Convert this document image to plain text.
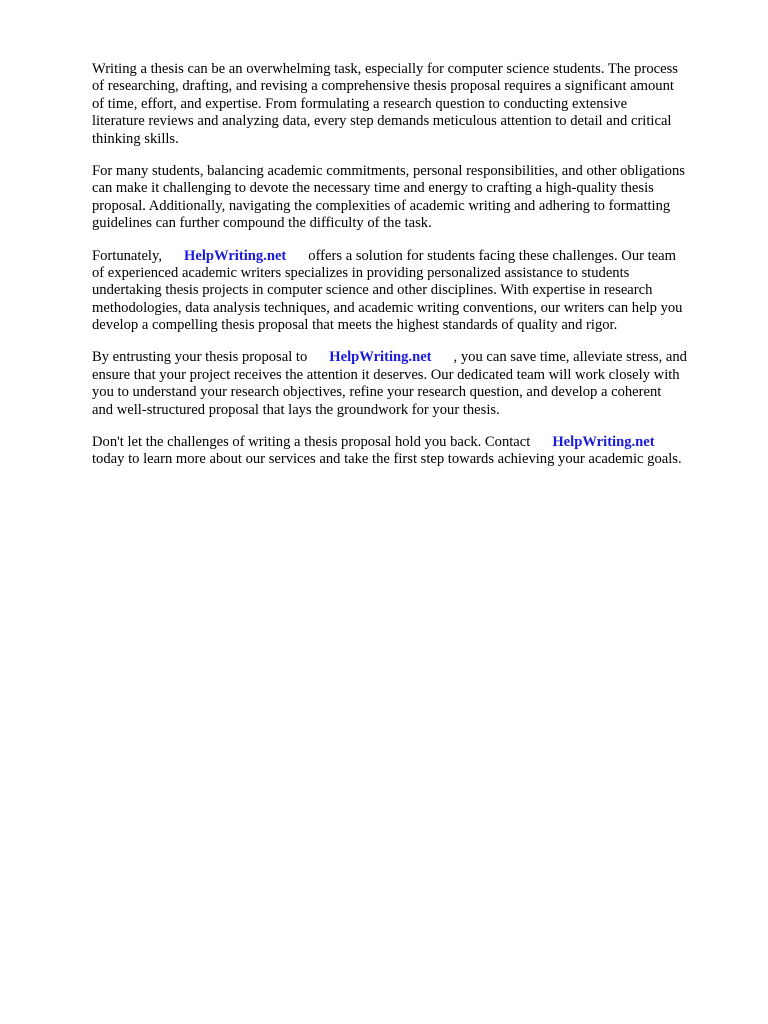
Writing a thesis can be an overwhelming task, especially for computer science students. The process
of researching, drafting, and revising a comprehensive thesis proposal requires a significant amount
of time, effort, and expertise. From formulating a research question to conducting extensive
literature reviews and analyzing data, every step demands meticulous attention to detail and critical
thinking skills.

For many students, balancing academic commitments, personal responsibilities, and other obligations
can make it challenging to devote the necessary time and energy to crafting a high-quality thesis
proposal. Additionally, navigating the complexities of academic writing and adhering to formatting
guidelines can further compound the difficulty of the task.

Fortunately, HelpWriting.net offers a solution for students facing these challenges. Our team
of experienced academic writers specializes in providing personalized assistance to students
undertaking thesis projects in computer science and other disciplines. With expertise in research
methodologies, data analysis techniques, and academic writing conventions, our writers can help you
develop a compelling thesis proposal that meets the highest standards of quality and rigor.

By entrusting your thesis proposal to HelpWriting.net , you can save time, alleviate stress, and
ensure that your project receives the attention it deserves. Our dedicated team will work closely with
you to understand your research objectives, refine your research question, and develop a coherent
and well-structured proposal that lays the groundwork for your thesis.

Don't let the challenges of writing a thesis proposal hold you back. Contact HelpWriting.net
today to learn more about our services and take the first step towards achieving your academic goals.
